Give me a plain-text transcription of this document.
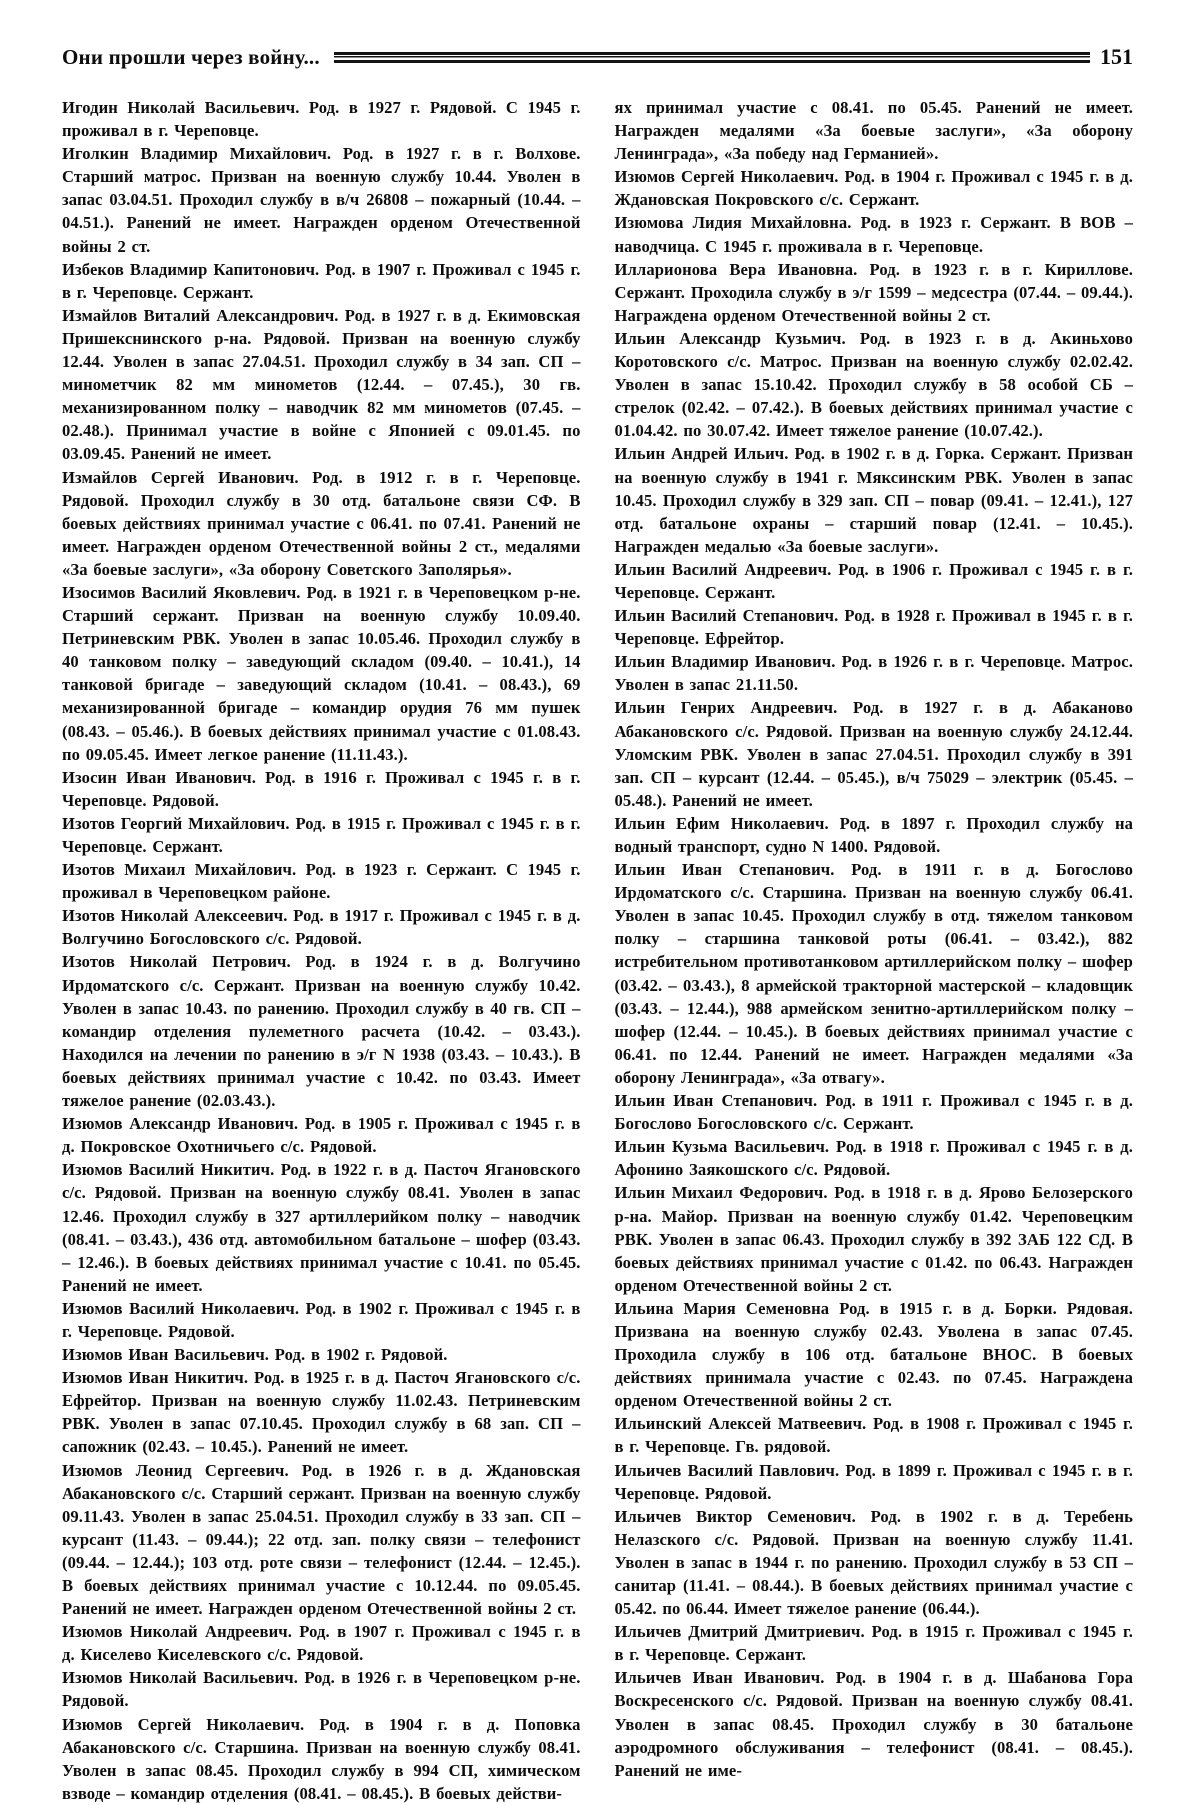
Они прошли через войну...	151

Игодин Николай Васильевич. Род. в 1927 г. Рядовой. С 1945 г. проживал в г. Череповце.

Иголкин Владимир Михайлович. Род. в 1927 г. в г. Волхове. Старший матрос. Призван на военную службу 10.44. Уволен в запас 03.04.51. Проходил службу в в/ч 26808 – пожарный (10.44. – 04.51.). Ранений не имеет. Награжден орденом Отечественной войны 2 ст.

Избеков Владимир Капитонович. Род. в 1907 г. Проживал с 1945 г. в г. Череповце. Сержант.

Измайлов Виталий Александрович. Род. в 1927 г. в д. Екимовская Пришекснинского р-на. Рядовой. Призван на военную службу 12.44. Уволен в запас 27.04.51. Проходил службу в 34 зап. СП – минометчик 82 мм минометов (12.44. – 07.45.), 30 гв. механизированном полку – наводчик 82 мм минометов (07.45. – 02.48.). Принимал участие в войне с Японией с 09.01.45. по 03.09.45. Ранений не имеет.

Измайлов Сергей Иванович. Род. в 1912 г. в г. Череповце. Рядовой. Проходил службу в 30 отд. батальоне связи СФ. В боевых действиях принимал участие с 06.41. по 07.41. Ранений не имеет. Награжден орденом Отечественной войны 2 ст., медалями «За боевые заслуги», «За оборону Советского Заполярья».

Изосимов Василий Яковлевич. Род. в 1921 г. в Череповецком р-не. Старший сержант. Призван на военную службу 10.09.40. Петриневским РВК. Уволен в запас 10.05.46. Проходил службу в 40 танковом полку – заведующий складом (09.40. – 10.41.), 14 танковой бригаде – заведующий складом (10.41. – 08.43.), 69 механизированной бригаде – командир орудия 76 мм пушек (08.43. – 05.46.). В боевых действиях принимал участие с 01.08.43. по 09.05.45. Имеет легкое ранение (11.11.43.).

Изосин Иван Иванович. Род. в 1916 г. Проживал с 1945 г. в г. Череповце. Рядовой.

Изотов Георгий Михайлович. Род. в 1915 г. Проживал с 1945 г. в г. Череповце. Сержант.

Изотов Михаил Михайлович. Род. в 1923 г. Сержант. С 1945 г. проживал в Череповецком районе.

Изотов Николай Алексеевич. Род. в 1917 г. Проживал с 1945 г. в д. Волгучино Богословского с/с. Рядовой.

Изотов Николай Петрович. Род. в 1924 г. в д. Волгучино Ирдоматского с/с. Сержант. Призван на военную службу 10.42. Уволен в запас 10.43. по ранению. Проходил службу в 40 гв. СП – командир отделения пулеметного расчета (10.42. – 03.43.). Находился на лечении по ранению в э/г N 1938 (03.43. – 10.43.). В боевых действиях принимал участие с 10.42. по 03.43. Имеет тяжелое ранение (02.03.43.).

Изюмов Александр Иванович. Род. в 1905 г. Проживал с 1945 г. в д. Покровское Охотничьего с/с. Рядовой.

Изюмов Василий Никитич. Род. в 1922 г. в д. Пасточ Ягановского с/с. Рядовой. Призван на военную службу 08.41. Уволен в запас 12.46. Проходил службу в 327 артиллерийком полку – наводчик (08.41. – 03.43.), 436 отд. автомобильном батальоне – шофер (03.43. – 12.46.). В боевых действиях принимал участие с 10.41. по 05.45. Ранений не имеет.

Изюмов Василий Николаевич. Род. в 1902 г. Проживал с 1945 г. в г. Череповце. Рядовой.

Изюмов Иван Васильевич. Род. в 1902 г. Рядовой.

Изюмов Иван Никитич. Род. в 1925 г. в д. Пасточ Ягановского с/с. Ефрейтор. Призван на военную службу 11.02.43. Петриневским РВК. Уволен в запас 07.10.45. Проходил службу в 68 зап. СП – сапожник (02.43. – 10.45.). Ранений не имеет.

Изюмов Леонид Сергеевич. Род. в 1926 г. в д. Ждановская Абакановского с/с. Старший сержант. Призван на военную службу 09.11.43. Уволен в запас 25.04.51. Проходил службу в 33 зап. СП – курсант (11.43. – 09.44.); 22 отд. зап. полку связи – телефонист (09.44. – 12.44.); 103 отд. роте связи – телефонист (12.44. – 12.45.). В боевых действиях принимал участие с 10.12.44. по 09.05.45. Ранений не имеет. Награжден орденом Отечественной войны 2 ст.

Изюмов Николай Андреевич. Род. в 1907 г. Проживал с 1945 г. в д. Киселево Киселевского с/с. Рядовой.

Изюмов Николай Васильевич. Род. в 1926 г. в Череповецком р-не. Рядовой.

Изюмов Сергей Николаевич. Род. в 1904 г. в д. Поповка Абакановского с/с. Старшина. Призван на военную службу 08.41. Уволен в запас 08.45. Проходил службу в 994 СП, химическом взводе – командир отделения (08.41. – 08.45.). В боевых действи-

ях принимал участие с 08.41. по 05.45. Ранений не имеет. Награжден медалями «За боевые заслуги», «За оборону Ленинграда», «За победу над Германией».

Изюмов Сергей Николаевич. Род. в 1904 г. Проживал с 1945 г. в д. Ждановская Покровского с/с. Сержант.

Изюмова Лидия Михайловна. Род. в 1923 г. Сержант. В ВОВ – наводчица. С 1945 г. проживала в г. Череповце.

Илларионова Вера Ивановна. Род. в 1923 г. в г. Кириллове. Сержант. Проходила службу в э/г 1599 – медсестра (07.44. – 09.44.). Награждена орденом Отечественной войны 2 ст.

Ильин Александр Кузьмич. Род. в 1923 г. в д. Акиньхово Коротовского с/с. Матрос. Призван на военную службу 02.02.42. Уволен в запас 15.10.42. Проходил службу в 58 особой СБ – стрелок (02.42. – 07.42.). В боевых действиях принимал участие с 01.04.42. по 30.07.42. Имеет тяжелое ранение (10.07.42.).

Ильин Андрей Ильич. Род. в 1902 г. в д. Горка. Сержант. Призван на военную службу в 1941 г. Мяксинским РВК. Уволен в запас 10.45. Проходил службу в 329 зап. СП – повар (09.41. – 12.41.), 127 отд. батальоне охраны – старший повар (12.41. – 10.45.). Награжден медалью «За боевые заслуги».

Ильин Василий Андреевич. Род. в 1906 г. Проживал с 1945 г. в г. Череповце. Сержант.

Ильин Василий Степанович. Род. в 1928 г. Проживал в 1945 г. в г. Череповце. Ефрейтор.

Ильин Владимир Иванович. Род. в 1926 г. в г. Череповце. Матрос. Уволен в запас 21.11.50.

Ильин Генрих Андреевич. Род. в 1927 г. в д. Абаканово Абакановского с/с. Рядовой. Призван на военную службу 24.12.44. Уломским РВК. Уволен в запас 27.04.51. Проходил службу в 391 зап. СП – курсант (12.44. – 05.45.), в/ч 75029 – электрик (05.45. – 05.48.). Ранений не имеет.

Ильин Ефим Николаевич. Род. в 1897 г. Проходил службу на водный транспорт, судно N 1400. Рядовой.

Ильин Иван Степанович. Род. в 1911 г. в д. Богослово Ирдоматского с/с. Старшина. Призван на военную службу 06.41. Уволен в запас 10.45. Проходил службу в отд. тяжелом танковом полку – старшина танковой роты (06.41. – 03.42.), 882 истребительном противотанковом артиллерийском полку – шофер (03.42. – 03.43.), 8 армейской тракторной мастерской – кладовщик (03.43. – 12.44.), 988 армейском зенитно-артиллерийском полку – шофер (12.44. – 10.45.). В боевых действиях принимал участие с 06.41. по 12.44. Ранений не имеет. Награжден медалями «За оборону Ленинграда», «За отвагу».

Ильин Иван Степанович. Род. в 1911 г. Проживал с 1945 г. в д. Богослово Богословского с/с. Сержант.

Ильин Кузьма Васильевич. Род. в 1918 г. Проживал с 1945 г. в д. Афонино Заякошского с/с. Рядовой.

Ильин Михаил Федорович. Род. в 1918 г. в д. Ярово Белозерского р-на. Майор. Призван на военную службу 01.42. Череповецким РВК. Уволен в запас 06.43. Проходил службу в 392 ЗАБ 122 СД. В боевых действиях принимал участие с 01.42. по 06.43. Награжден орденом Отечественной войны 2 ст.

Ильина Мария Семеновна Род. в 1915 г. в д. Борки. Рядовая. Призвана на военную службу 02.43. Уволена в запас 07.45. Проходила службу в 106 отд. батальоне ВНОС. В боевых действиях принимала участие с 02.43. по 07.45. Награждена орденом Отечественной войны 2 ст.

Ильинский Алексей Матвеевич. Род. в 1908 г. Проживал с 1945 г. в г. Череповце. Гв. рядовой.

Ильичев Василий Павлович. Род. в 1899 г. Проживал с 1945 г. в г. Череповце. Рядовой.

Ильичев Виктор Семенович. Род. в 1902 г. в д. Теребень Нелазского с/с. Рядовой. Призван на военную службу 11.41. Уволен в запас в 1944 г. по ранению. Проходил службу в 53 СП – санитар (11.41. – 08.44.). В боевых действиях принимал участие с 05.42. по 06.44. Имеет тяжелое ранение (06.44.).

Ильичев Дмитрий Дмитриевич. Род. в 1915 г. Проживал с 1945 г. в г. Череповце. Сержант.

Ильичев Иван Иванович. Род. в 1904 г. в д. Шабанова Гора Воскресенского с/с. Рядовой. Призван на военную службу 08.41. Уволен в запас 08.45. Проходил службу в 30 батальоне аэродромного обслуживания – телефонист (08.41. – 08.45.). Ранений не име-
